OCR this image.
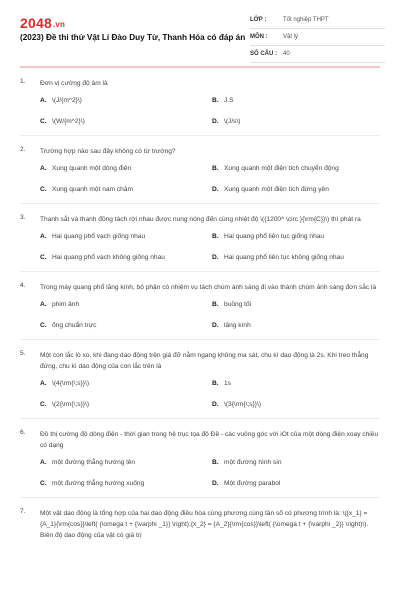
2048.vn
(2023) Đề thi thử Vật Lí Đào Duy Từ, Thanh Hóa có đáp án
LỚP :	Tốt nghiệp THPT
MÔN :	Vật lý
SỐ CÂU :	40
1. Đơn vị cường độ âm là
A. \(J/{m^2}\)	B. J.S
C. \(W/{m^2}\)	D. \(J/s\)
2. Trường hợp nào sau đây không có từ trường?
A. Xung quanh một dòng điện	B. Xung quanh một điện tích chuyển động
C. Xung quanh một nam châm	D. Xung quanh một điện tích đứng yên
3. Thanh sắt và thanh đồng tách rời nhau được nung nóng đến cùng nhiệt độ \({1200^ \circ }{\rm{C}}\) thì phát ra
A. Hai quang phổ vạch giống nhau	B. Hai quang phổ liên tục giống nhau
C. Hai quang phổ vạch không giống nhau	D. Hai quang phổ liên tục không giống nhau
4. Trong máy quang phổ lăng kính, bộ phận có nhiệm vụ tách chùm ánh sáng đi vào thành chùm ánh sáng đơn sắc là
A. phim ảnh	B. buồng tối
C. ống chuẩn trực	D. lăng kính
5. Một con lắc lò xo, khi đang dao động trên giá đỡ nằm ngang không ma sát, chu kì dao động là 2s. Khi treo thẳng đứng, chu kì dao động của con lắc trên là
A. \(4{\rm{\;s}}\)	B. 1s
C. \(2{\rm{\;s}}\)	D. \(3{\rm{\;s}}\)
6. Đồ thị cường độ dòng điện - thời gian trong hệ trục tọa độ Đề - các vuông góc với iOt của một dòng điện xoay chiều có dạng
A. một đường thẳng hướng lên	B. một đường hình sin
C. một đường thẳng hướng xuống	D. Một đường parabol
7. Một vật dao động là tổng hợp của hai dao động điều hòa cùng phương cùng tần số có phương trình là: \({x_1} = {A_1}{\rm{cos}}\left( {\omega t + {\varphi _1}} \right);{x_2} = {A_2}{\rm{cos}}\left( {\omega t + {\varphi _2}} \right)\). Biên độ dao động của vật có giá trị
